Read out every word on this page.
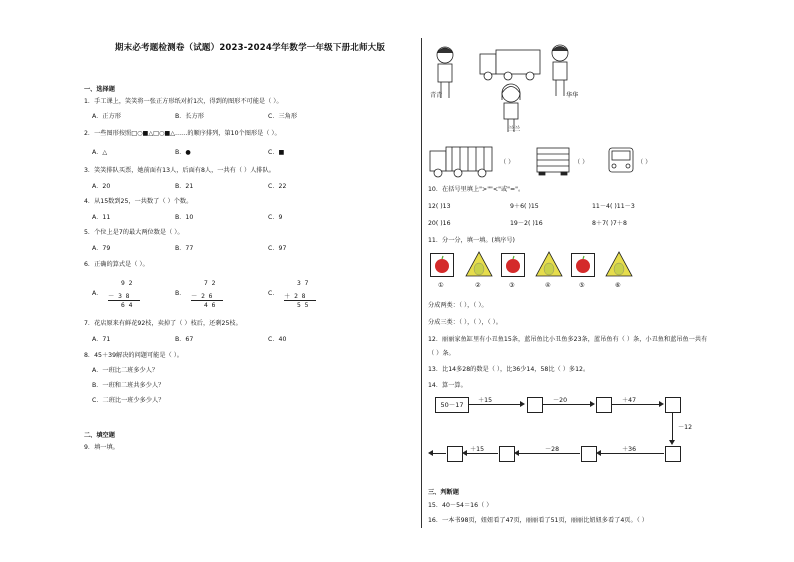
期末必考题检测卷（试题）2023-2024学年数学一年级下册北师大版
一、选择题
1．手工课上，笑笑将一张正方形纸对折1次，得到的图形不可能是（ ）。
A．正方形	B．长方形	C．三角形
2．一些图形按照□○■△□○■△……的顺序排列，第10个图形是（ ）。
A．△	B．●	C．■
3．笑笑排队买票，她前面有13人，后面有8人，一共有（ ）人排队。
A．20	B．21	C．22
4．从15数到25，一共数了（ ）个数。
A．11	B．10	C．9
5．个位上是7的最大两位数是（ ）。
A．79	B．77	C．97
6．正确的算式是（ ）。
A．
9 2
－ 3 8
6 4
B．
7 2
－ 2 6
4 6
C．
3 7
＋ 2 8
5 5
7．花店原来有鲜花92枝，卖掉了（ ）枝后，还剩25枝。
A．71	B．67	C．40
8．45＋39解决的问题可能是（ ）。
A．一班比二班多少人？
B．一班和二班共多少人？
C．二班比一班少多少人？
二、填空题
9．填一填。
青青	华华
兰兰
（ ）	（ ）	（ ）
10．在括号里填上">""<"或"="。
12( )13	9＋6( )15	11－4( )11－3
20( )16	19－2( )16	8＋7( )7＋8
11．分一分，填一填。(填序号)
①	②	③	④	⑤	⑥
分成两类：（ ），（ ）。
分成三类：（ ），（ ），（ ）。
12．丽丽家鱼缸里有小丑鱼15条，蓝吊鱼比小丑鱼多23条，蓝吊鱼有（ ）条，小丑鱼和蓝吊鱼一共有
（ ）条。
13．比14多28的数是（ ），比36少14，58比（ ）多12。
14．算一算。
50－17
＋15	－20	＋47
－12
＋36
－28
＋15
三、判断题
15．40－54＝16（ ）
16．一本书98页，妞妞看了47页，丽丽看了51页，丽丽比妞妞多看了4页。（ ）
